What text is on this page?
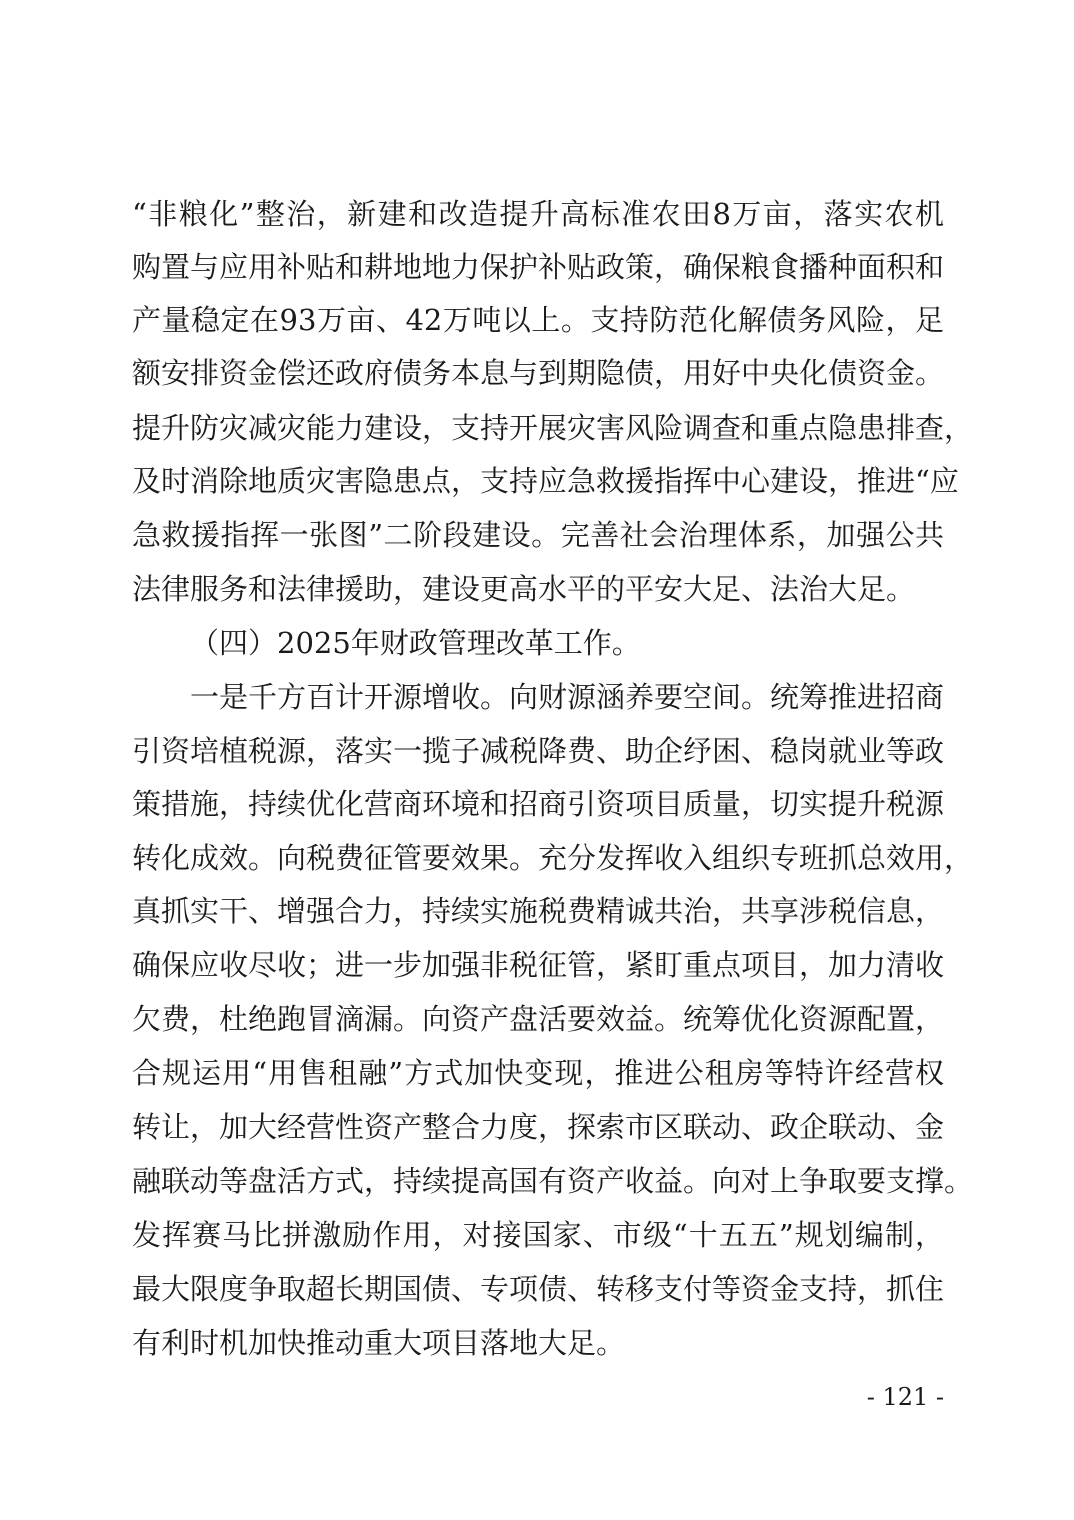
“非粮化”整治，新建和改造提升高标准农田8万亩，落实农机
购置与应用补贴和耕地地力保护补贴政策，确保粮食播种面积和
产量稳定在93万亩、42万吨以上。支持防范化解债务风险，足
额安排资金偿还政府债务本息与到期隐债，用好中央化债资金。
提升防灾减灾能力建设，支持开展灾害风险调查和重点隐患排查，
及时消除地质灾害隐患点，支持应急救援指挥中心建设，推进“应
急救援指挥一张图”二阶段建设。完善社会治理体系，加强公共
法律服务和法律援助，建设更高水平的平安大足、法治大足。
（四）2025年财政管理改革工作。
一是千方百计开源增收。向财源涵养要空间。统筹推进招商
引资培植税源，落实一揽子减税降费、助企纾困、稳岗就业等政
策措施，持续优化营商环境和招商引资项目质量，切实提升税源
转化成效。向税费征管要效果。充分发挥收入组织专班抓总效用，
真抓实干、增强合力，持续实施税费精诚共治，共享涉税信息，
确保应收尽收；进一步加强非税征管，紧盯重点项目，加力清收
欠费，杜绝跑冒滴漏。向资产盘活要效益。统筹优化资源配置，
合规运用“用售租融”方式加快变现，推进公租房等特许经营权
转让，加大经营性资产整合力度，探索市区联动、政企联动、金
融联动等盘活方式，持续提高国有资产收益。向对上争取要支撑。
发挥赛马比拼激励作用，对接国家、市级“十五五”规划编制，
最大限度争取超长期国债、专项债、转移支付等资金支持，抓住
有利时机加快推动重大项目落地大足。
- 121 -
